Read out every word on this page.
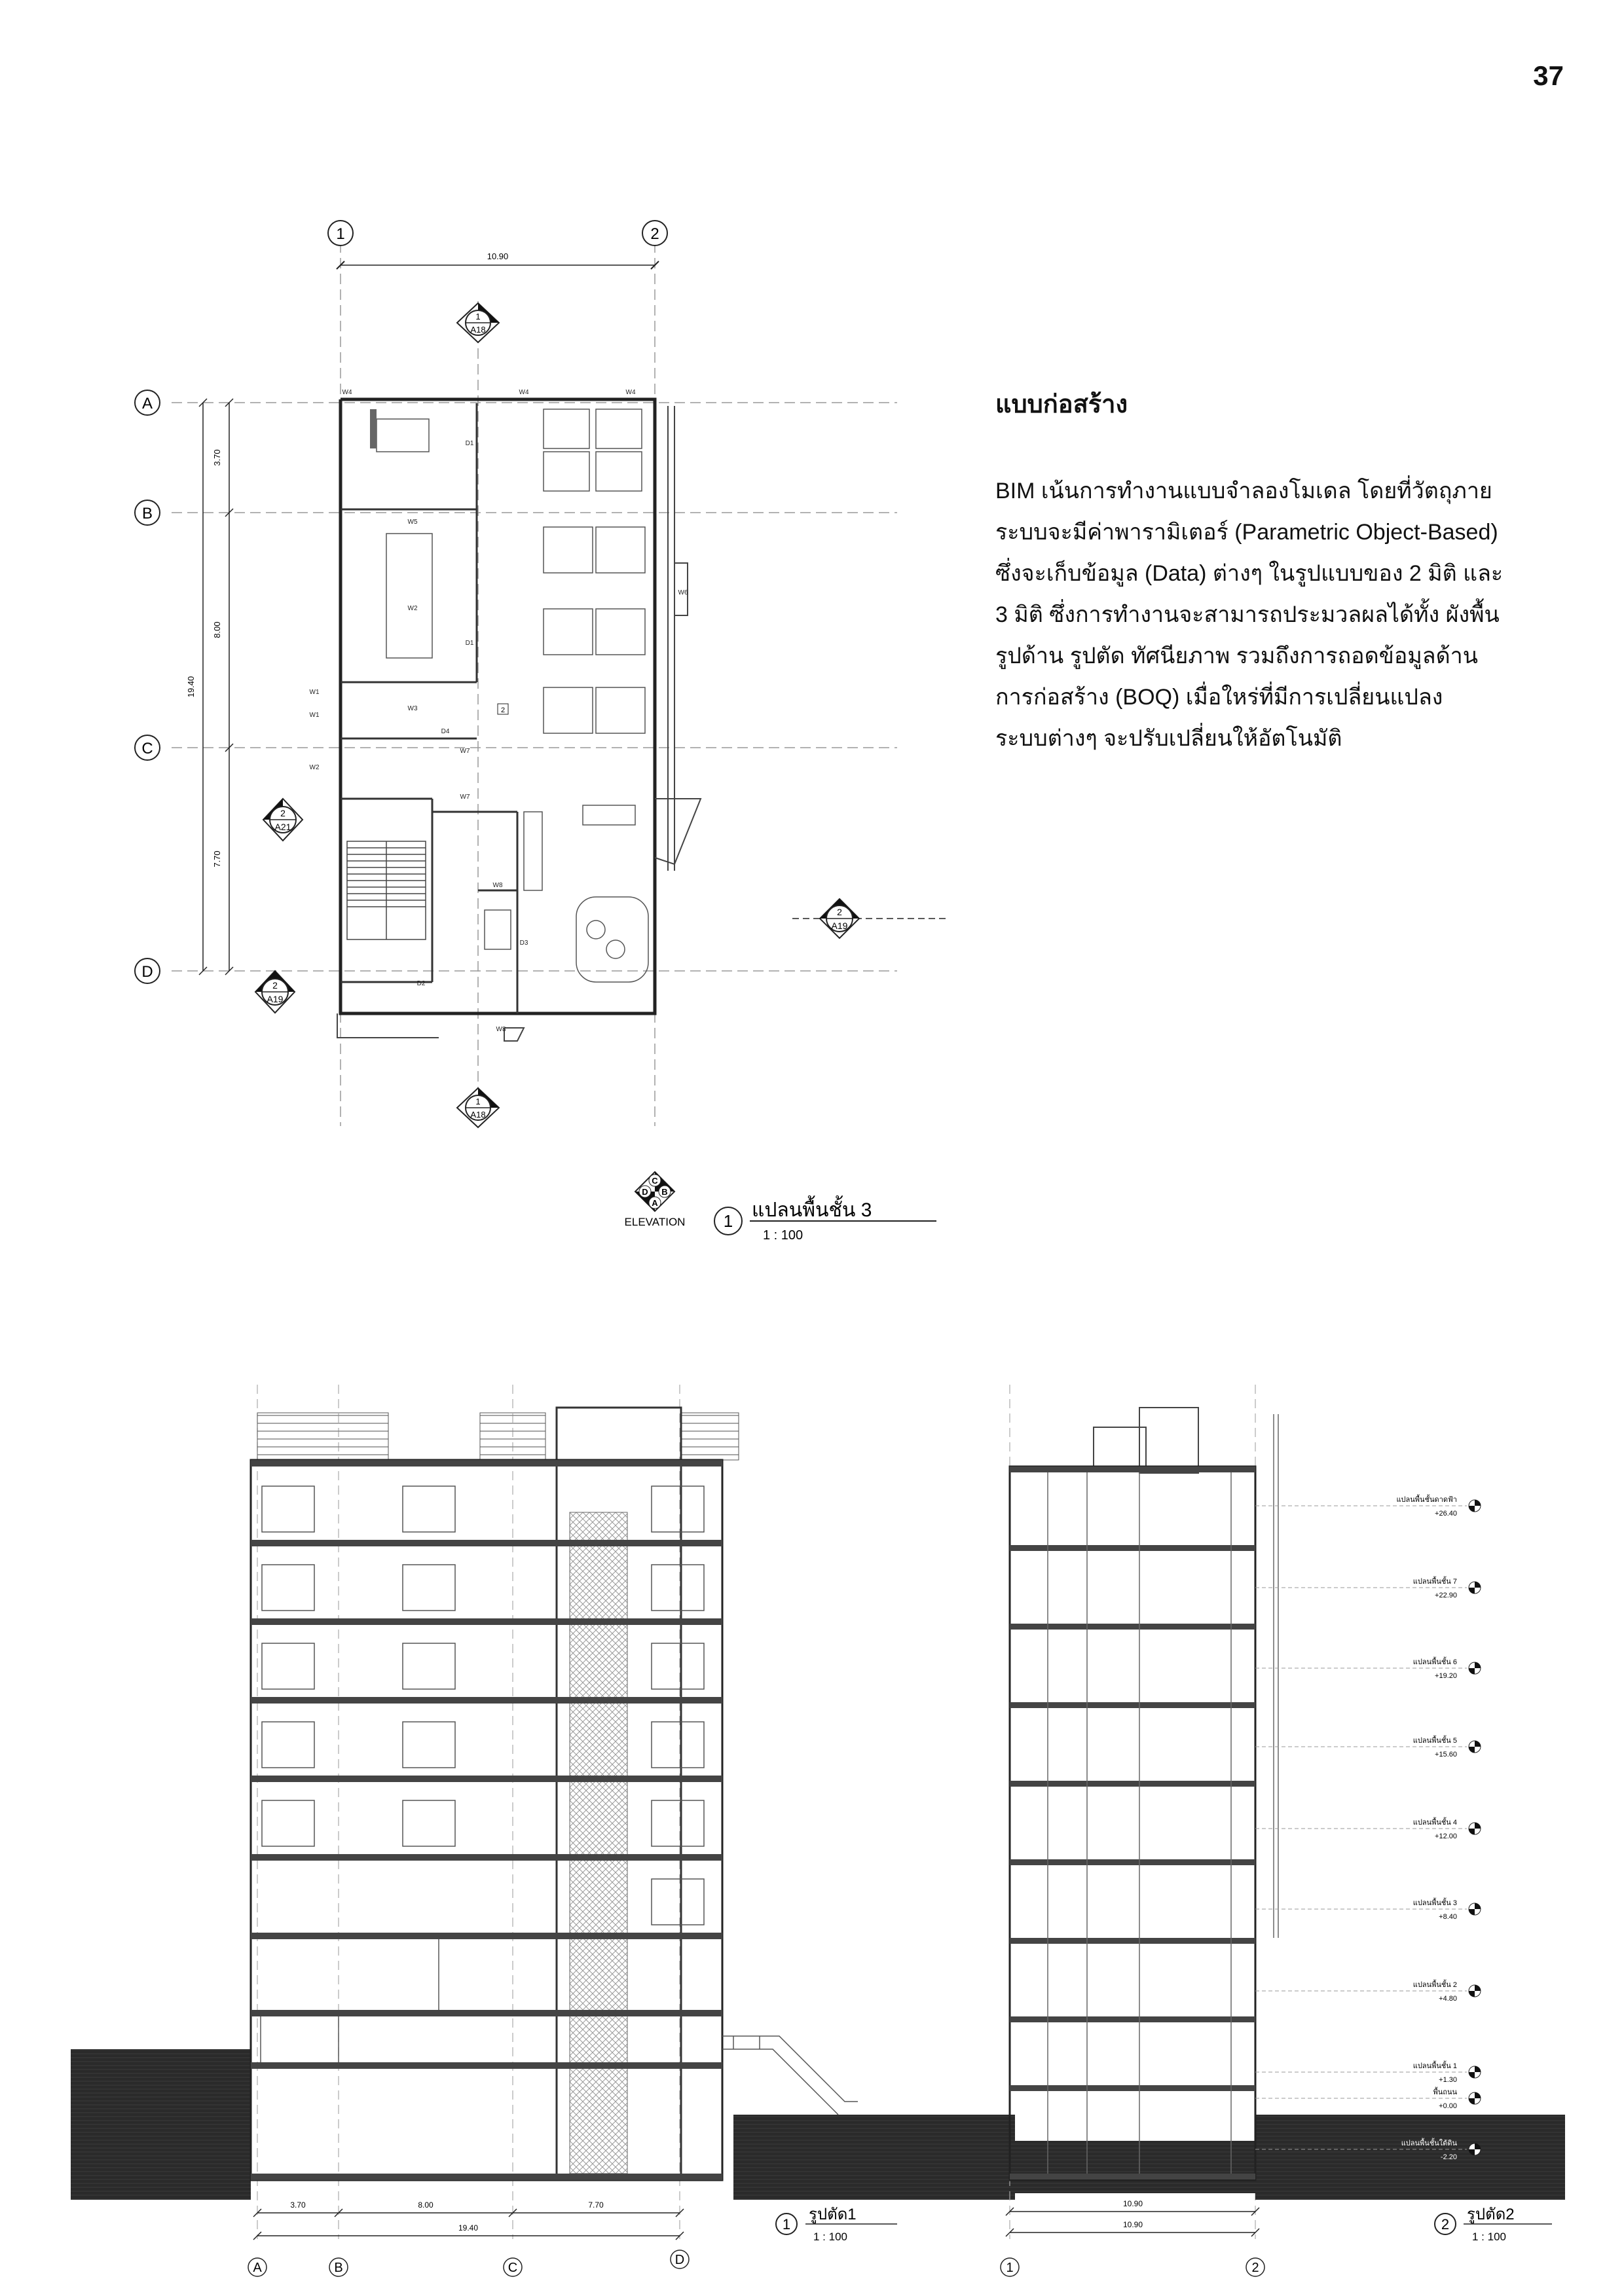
37
1	2
10.90
A
B
C
D
3.70
8.00
7.70
19.40
W4	W4	W4
W1
W1
W2
W2
W3
W5
W6
W7
W7
W8
W8
D1
D1
D2
D3
D4
2
1
A18
1
A18
2
A21
2
A19
2
A19
C
D B
A
ELEVATION 1 แปลนพื้นชั้น 3
1 : 100
แบบก่อสร้าง
BIM เน้นการทำงานแบบจำลองโมเดล โดยที่วัตถุภาย
ระบบจะมีค่าพารามิเตอร์ (Parametric Object-Based)
ซึ่งจะเก็บข้อมูล (Data) ต่างๆ ในรูปแบบของ 2 มิติ และ
3 มิติ ซึ่งการทำงานจะสามารถประมวลผลได้ทั้ง ผังพื้น
รูปด้าน รูปตัด ทัศนียภาพ รวมถึงการถอดข้อมูลด้าน
การก่อสร้าง (BOQ) เมื่อใหร่ที่มีการเปลี่ยนแปลง
ระบบต่างๆ จะปรับเปลี่ยนให้อัตโนมัติ
3.70	8.00	7.70
19.40
A	B	C
D
1
รูปตัด1
1 : 100
แปลนพื้นชั้นดาดฟ้า
+26.40
แปลนพื้นชั้น 7
+22.90
แปลนพื้นชั้น 6
+19.20
แปลนพื้นชั้น 5
+15.60
แปลนพื้นชั้น 4
+12.00
แปลนพื้นชั้น 3
+8.40
แปลนพื้นชั้น 2
+4.80
แปลนพื้นชั้น 1
+1.30
พื้นถนน
+0.00
แปลนพื้นชั้นใต้ดิน
-2.20
10.90
10.90
1	2
2
รูปตัด2
1 : 100
